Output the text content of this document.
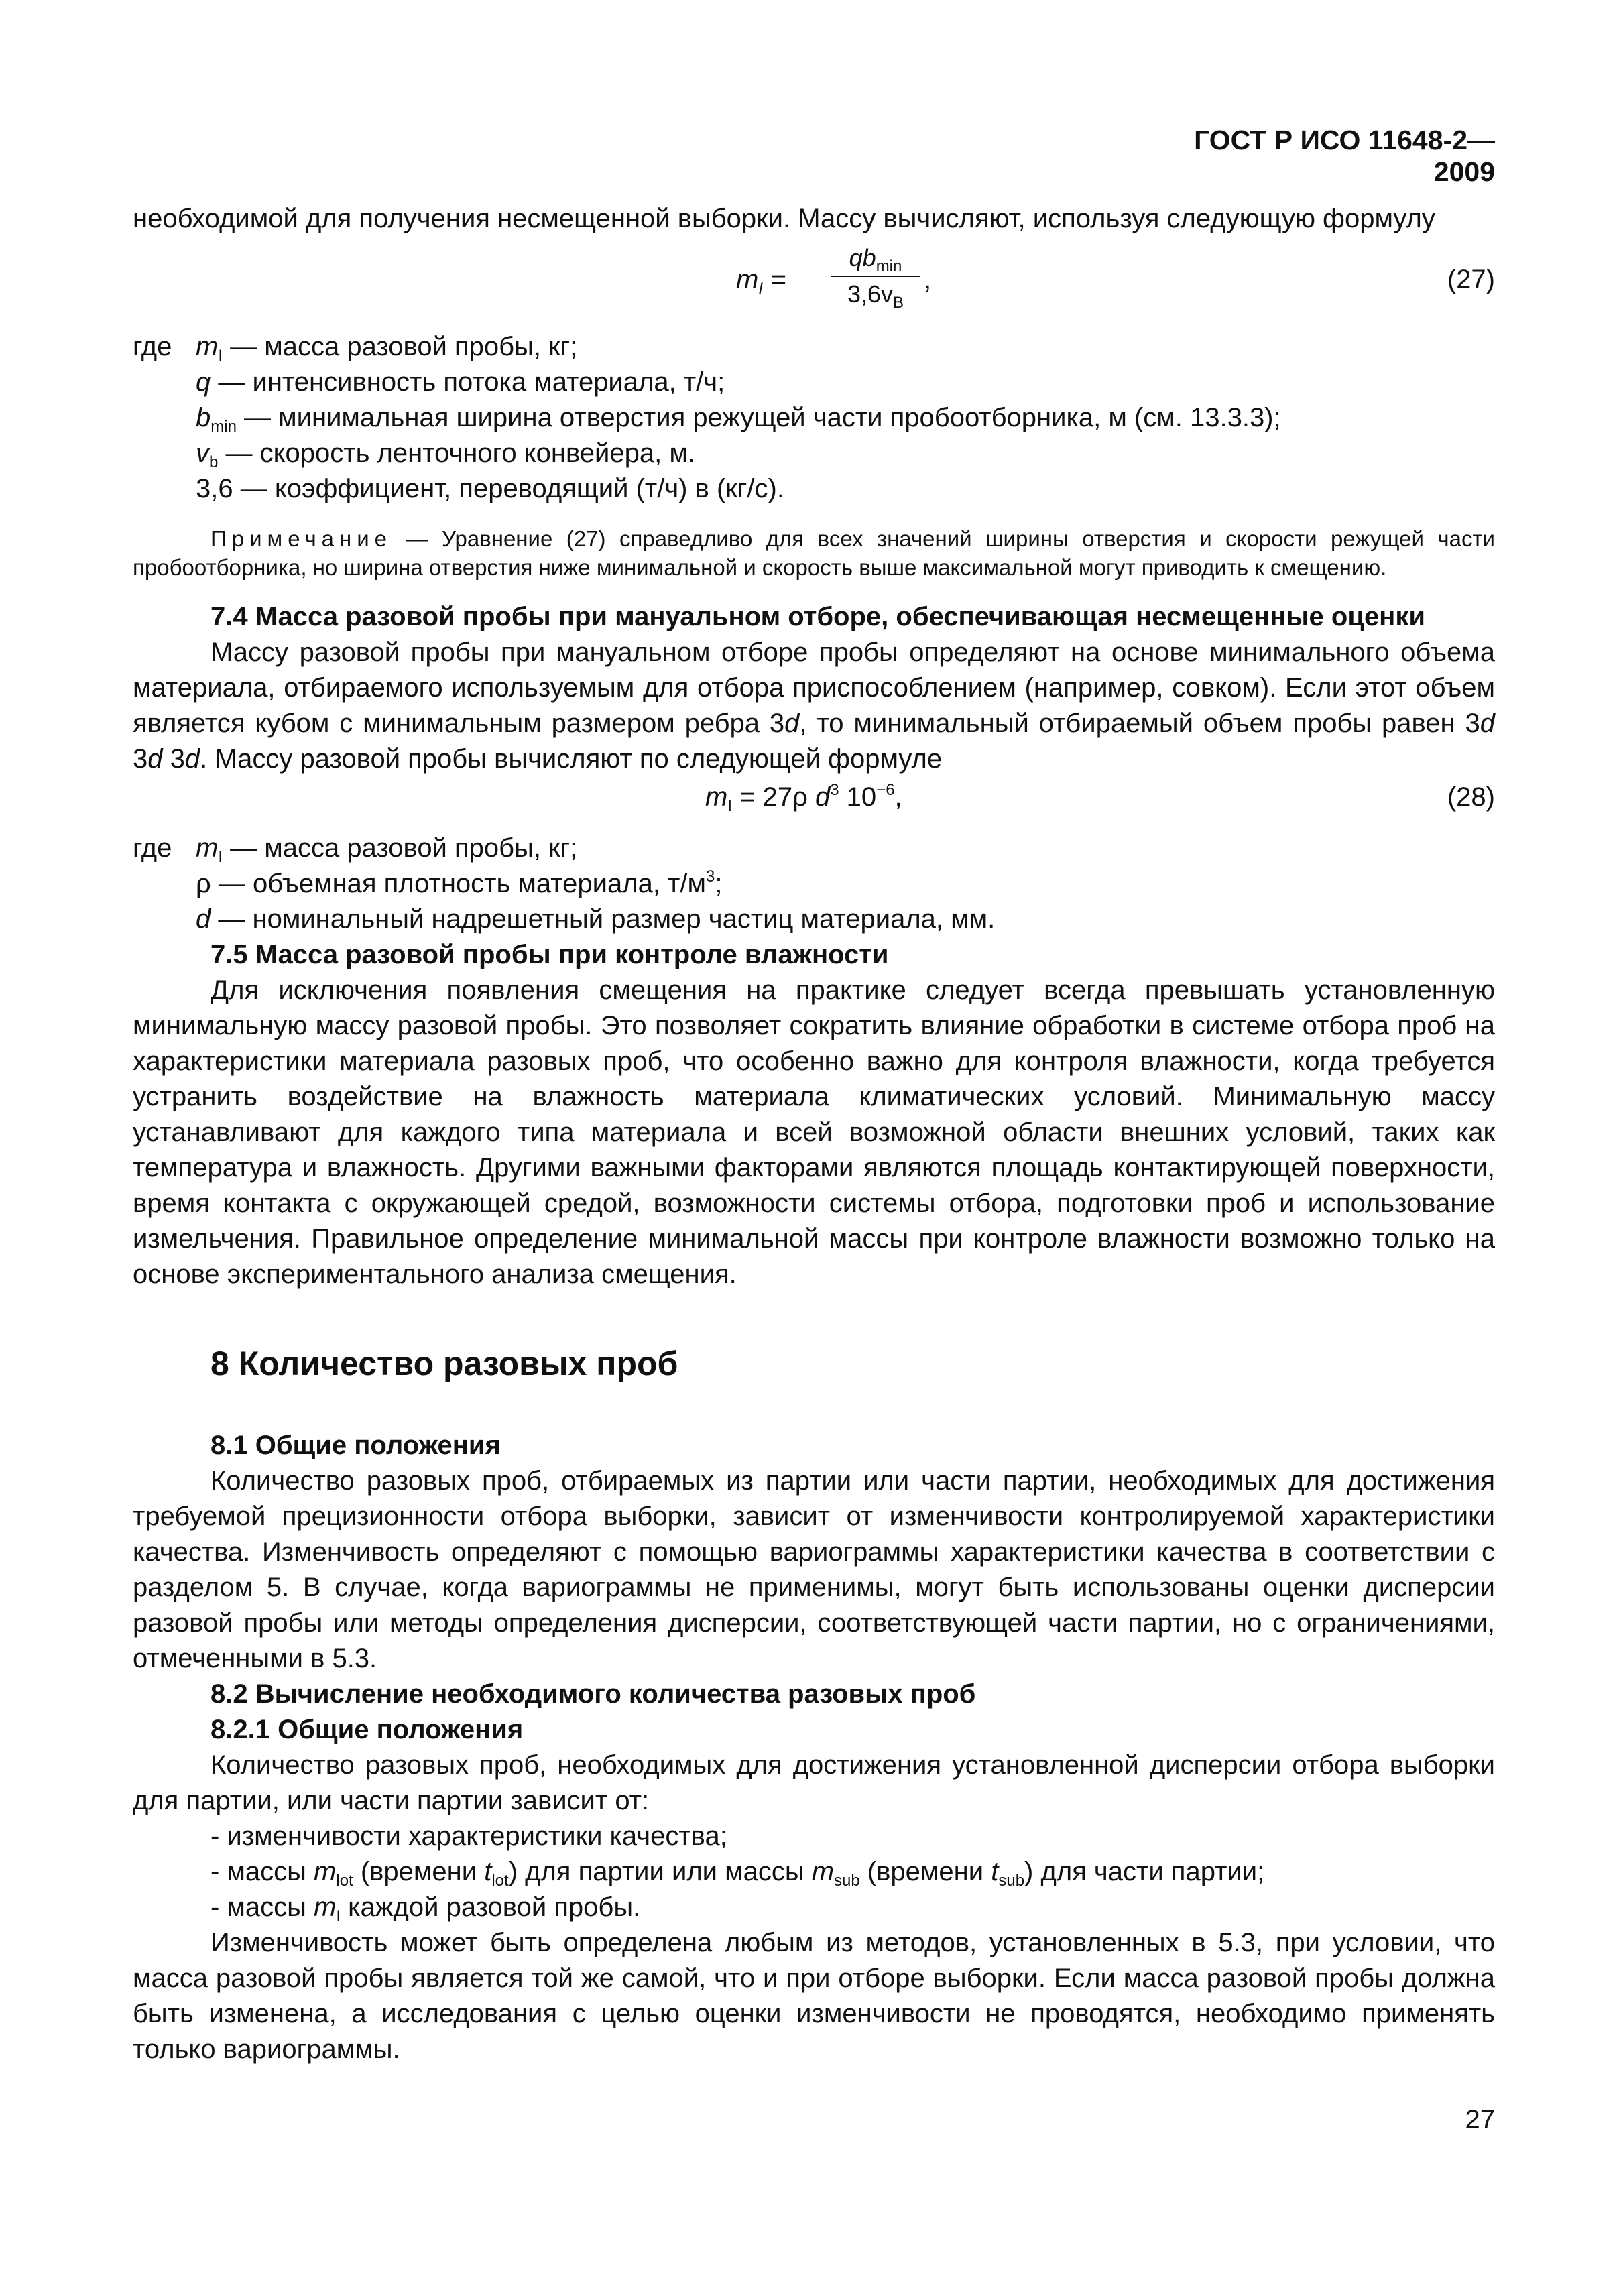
ГОСТ Р ИСО 11648-2—2009

необходимой для получения несмещенной выборки. Массу вычисляют, используя следующую формулу

$m_I$ =
$qb_{min}$
$3,6v_B$
,	(27)

где $m_I$ — масса разовой пробы, кг;

q — интенсивность потока материала, т/ч;

$b_{min}$ — минимальная ширина отверстия режущей части пробоотборника, м (см. 13.3.3);

$v_b$ — скорость ленточного конвейера, м.

3,6 — коэффициент, переводящий (т/ч) в (кг/с).

Примечание — Уравнение (27) справедливо для всех значений ширины отверстия и скорости режущей части пробоотборника, но ширина отверстия ниже минимальной и скорость выше максимальной могут приводить к смещению.

7.4 Масса разовой пробы при мануальном отборе, обеспечивающая несмещенные оценки

Массу разовой пробы при мануальном отборе пробы определяют на основе минимального объема материала, отбираемого используемым для отбора приспособлением (например, совком). Если этот объем является кубом с минимальным размером ребра 3d, то минимальный отбираемый объем пробы равен 3d 3d 3d. Массу разовой пробы вычисляют по следующей формуле

$m_I = 27\rho$ $d^3$ $10^{-6}$,	(28)

где $m_I$ — масса разовой пробы, кг;

ρ — объемная плотность материала, $т/м^3$;

d — номинальный надрешетный размер частиц материала, мм.

7.5 Масса разовой пробы при контроле влажности

Для исключения появления смещения на практике следует всегда превышать установленную минимальную массу разовой пробы. Это позволяет сократить влияние обработки в системе отбора проб на характеристики материала разовых проб, что особенно важно для контроля влажности, когда требуется устранить воздействие на влажность материала климатических условий. Минимальную массу устанавливают для каждого типа материала и всей возможной области внешних условий, таких как температура и влажность. Другими важными факторами являются площадь контактирующей поверхности, время контакта с окружающей средой, возможности системы отбора, подготовки проб и использование измельчения. Правильное определение минимальной массы при контроле влажности возможно только на основе экспериментального анализа смещения.

8 Количество разовых проб

8.1 Общие положения

Количество разовых проб, отбираемых из партии или части партии, необходимых для достижения требуемой прецизионности отбора выборки, зависит от изменчивости контролируемой характеристики качества. Изменчивость определяют с помощью вариограммы характеристики качества в соответствии с разделом 5. В случае, когда вариограммы не применимы, могут быть использованы оценки дисперсии разовой пробы или методы определения дисперсии, соответствующей части партии, но с ограничениями, отмеченными в 5.3.

8.2 Вычисление необходимого количества разовых проб

8.2.1 Общие положения

Количество разовых проб, необходимых для достижения установленной дисперсии отбора выборки для партии, или части партии зависит от:

- изменчивости характеристики качества;

- массы $m_{lot}$ (времени $t_{lot}$) для партии или массы $m_{sub}$ (времени $t_{sub}$) для части партии;

- массы $m_I$ каждой разовой пробы.

Изменчивость может быть определена любым из методов, установленных в 5.3, при условии, что масса разовой пробы является той же самой, что и при отборе выборки. Если масса разовой пробы должна быть изменена, а исследования с целью оценки изменчивости не проводятся, необходимо применять только вариограммы.

27
